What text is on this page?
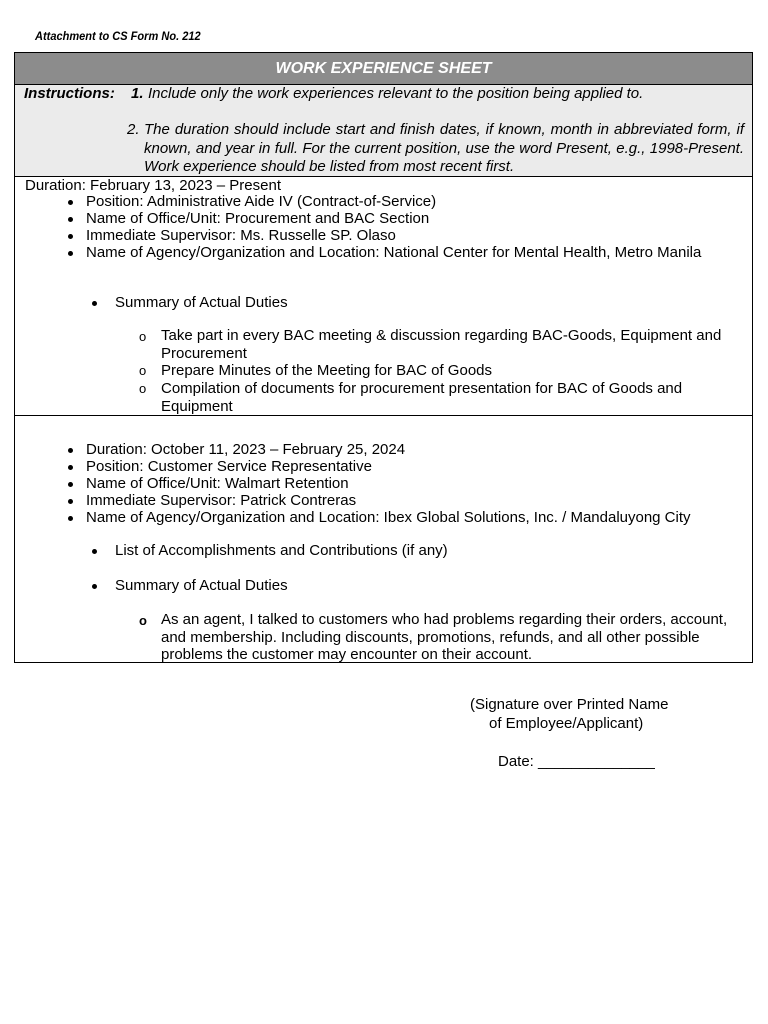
Attachment to CS Form No. 212
WORK EXPERIENCE SHEET
Instructions: 1. Include only the work experiences relevant to the position being applied to.
2. The duration should include start and finish dates, if known, month in abbreviated form, if known, and year in full. For the current position, use the word Present, e.g., 1998-Present. Work experience should be listed from most recent first.
Duration: February 13, 2023 – Present
Position: Administrative Aide IV (Contract-of-Service)
Name of Office/Unit: Procurement and BAC Section
Immediate Supervisor: Ms. Russelle SP. Olaso
Name of Agency/Organization and Location: National Center for Mental Health, Metro Manila
Summary of Actual Duties
o Take part in every BAC meeting & discussion regarding BAC-Goods, Equipment and Procurement
o Prepare Minutes of the Meeting for BAC of Goods
o Compilation of documents for procurement presentation for BAC of Goods and Equipment
Duration: October 11, 2023 – February 25, 2024
Position: Customer Service Representative
Name of Office/Unit: Walmart Retention
Immediate Supervisor: Patrick Contreras
Name of Agency/Organization and Location: Ibex Global Solutions, Inc. / Mandaluyong City
List of Accomplishments and Contributions (if any)
Summary of Actual Duties
o As an agent, I talked to customers who had problems regarding their orders, account, and membership. Including discounts, promotions, refunds, and all other possible problems the customer may encounter on their account.
(Signature over Printed Name
of Employee/Applicant)
Date: ______________
